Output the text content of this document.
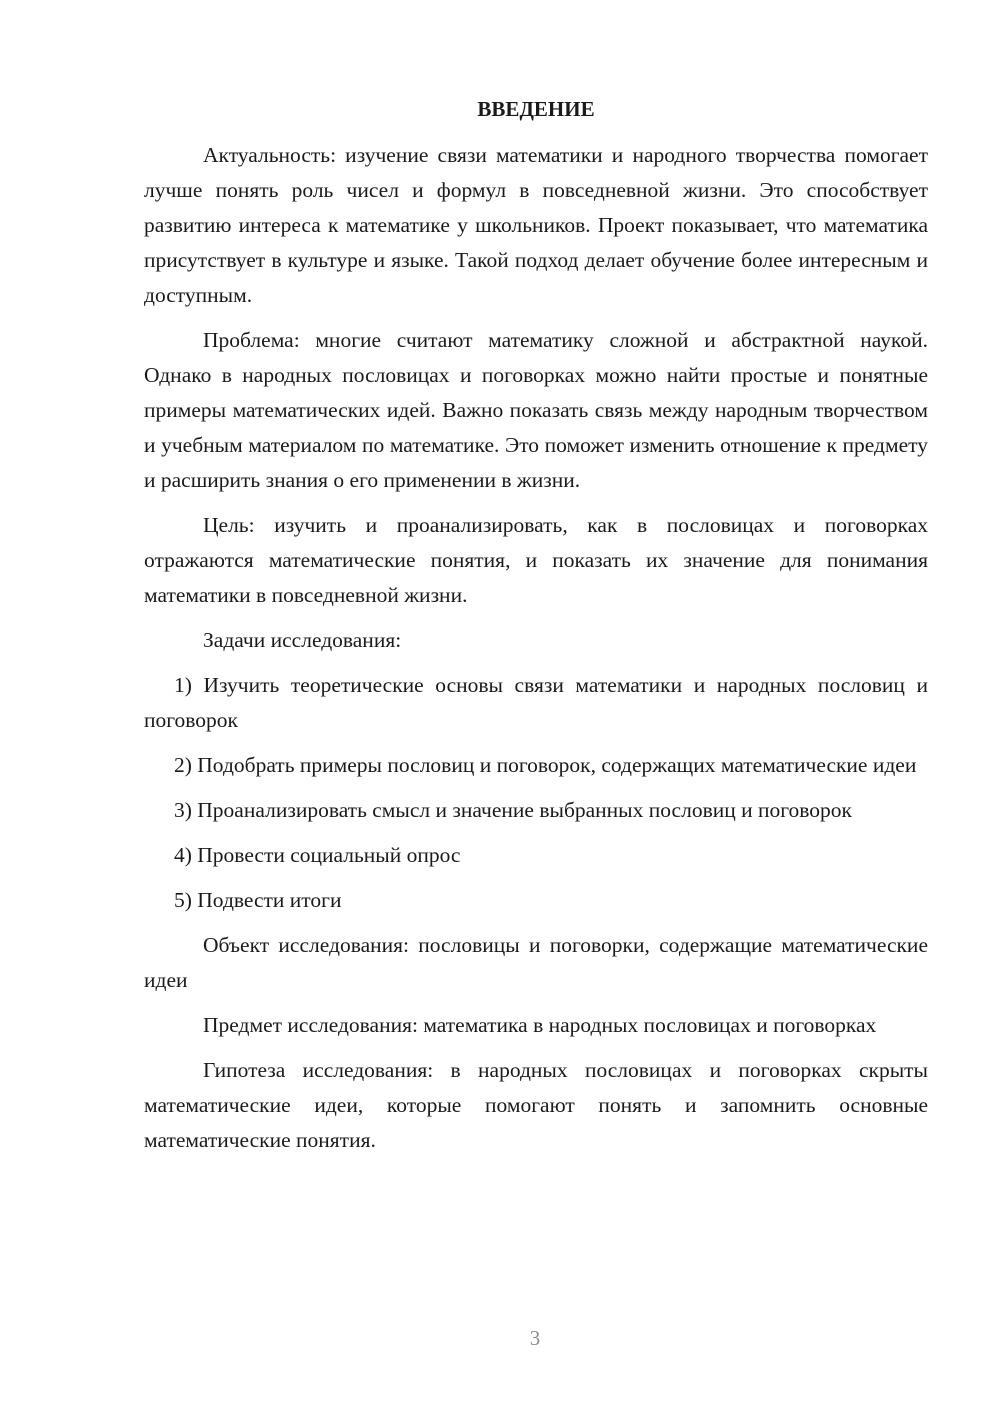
ВВЕДЕНИЕ

Актуальность: изучение связи математики и народного творчества помогает лучше понять роль чисел и формул в повседневной жизни. Это способствует развитию интереса к математике у школьников. Проект показывает, что математика присутствует в культуре и языке. Такой подход делает обучение более интересным и доступным.

Проблема: многие считают математику сложной и абстрактной наукой. Однако в народных пословицах и поговорках можно найти простые и понятные примеры математических идей. Важно показать связь между народным творчеством и учебным материалом по математике. Это поможет изменить отношение к предмету и расширить знания о его применении в жизни.

Цель: изучить и проанализировать, как в пословицах и поговорках отражаются математические понятия, и показать их значение для понимания математики в повседневной жизни.

Задачи исследования:

1) Изучить теоретические основы связи математики и народных пословиц и поговорок

2) Подобрать примеры пословиц и поговорок, содержащих математические идеи

3) Проанализировать смысл и значение выбранных пословиц и поговорок

4) Провести социальный опрос

5) Подвести итоги

Объект исследования: пословицы и поговорки, содержащие математические идеи

Предмет исследования: математика в народных пословицах и поговорках

Гипотеза исследования: в народных пословицах и поговорках скрыты математические идеи, которые помогают понять и запомнить основные математические понятия.

3
